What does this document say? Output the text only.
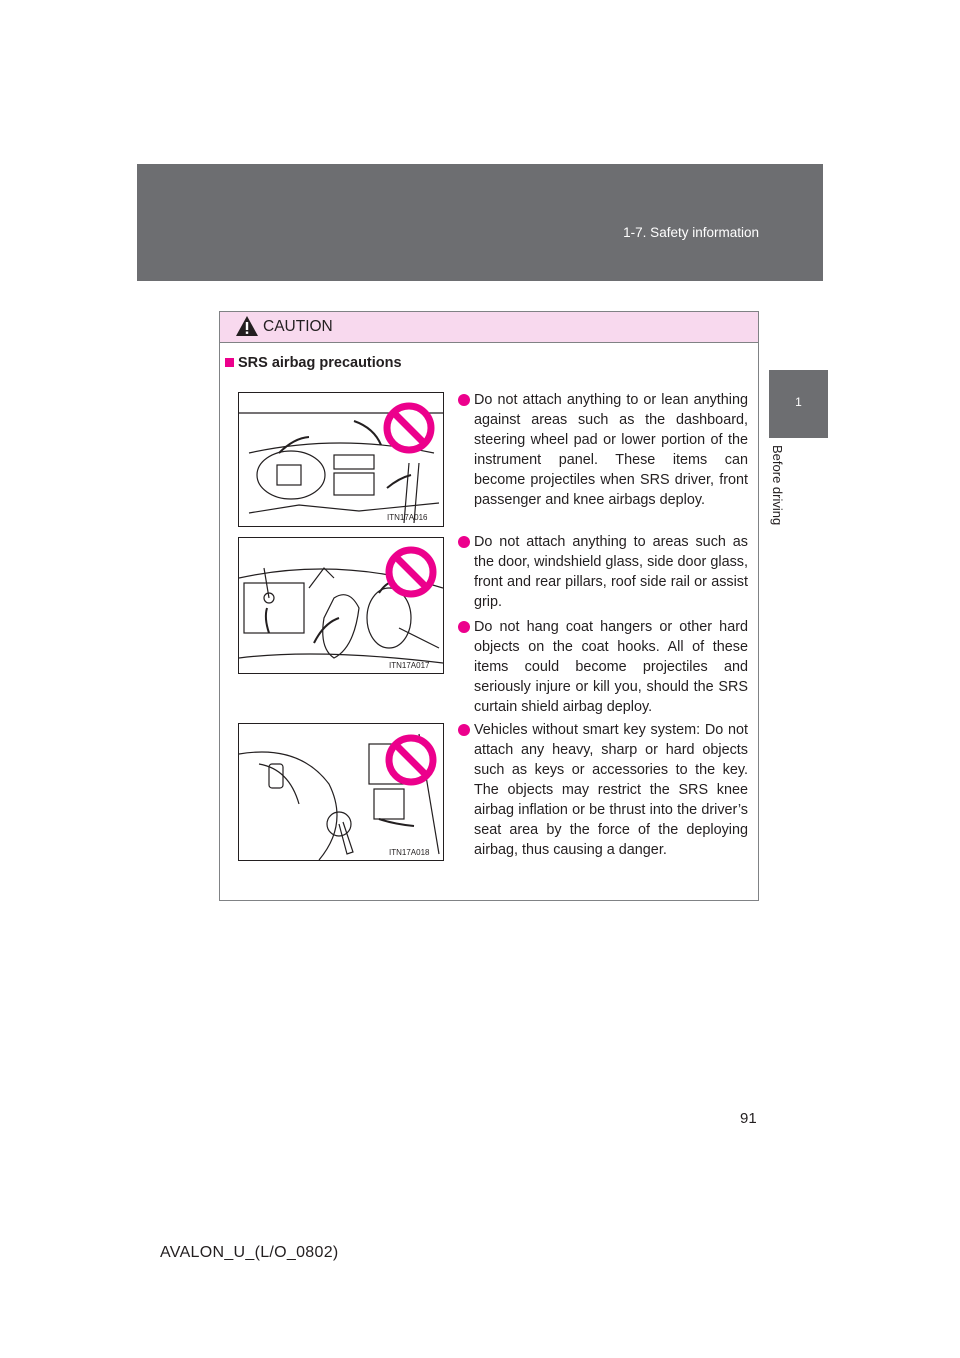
1-7. Safety information
1
Before driving
CAUTION
SRS airbag precautions
ITN17A016
ITN17A017
ITN17A018
Do not attach anything to or lean anything against areas such as the dashboard, steering wheel pad or lower portion of the instrument panel. These items can become projectiles when SRS driver, front passenger and knee airbags deploy.
Do not attach anything to areas such as the door, windshield glass, side door glass, front and rear pillars, roof side rail or assist grip.
Do not hang coat hangers or other hard objects on the coat hooks. All of these items could become projectiles and seriously injure or kill you, should the SRS curtain shield airbag deploy.
Vehicles without smart key system: Do not attach any heavy, sharp or hard objects such as keys or accessories to the key. The objects may restrict the SRS knee airbag inflation or be thrust into the driver’s seat area by the force of the deploying airbag, thus causing a danger.
91
AVALON_U_(L/O_0802)
